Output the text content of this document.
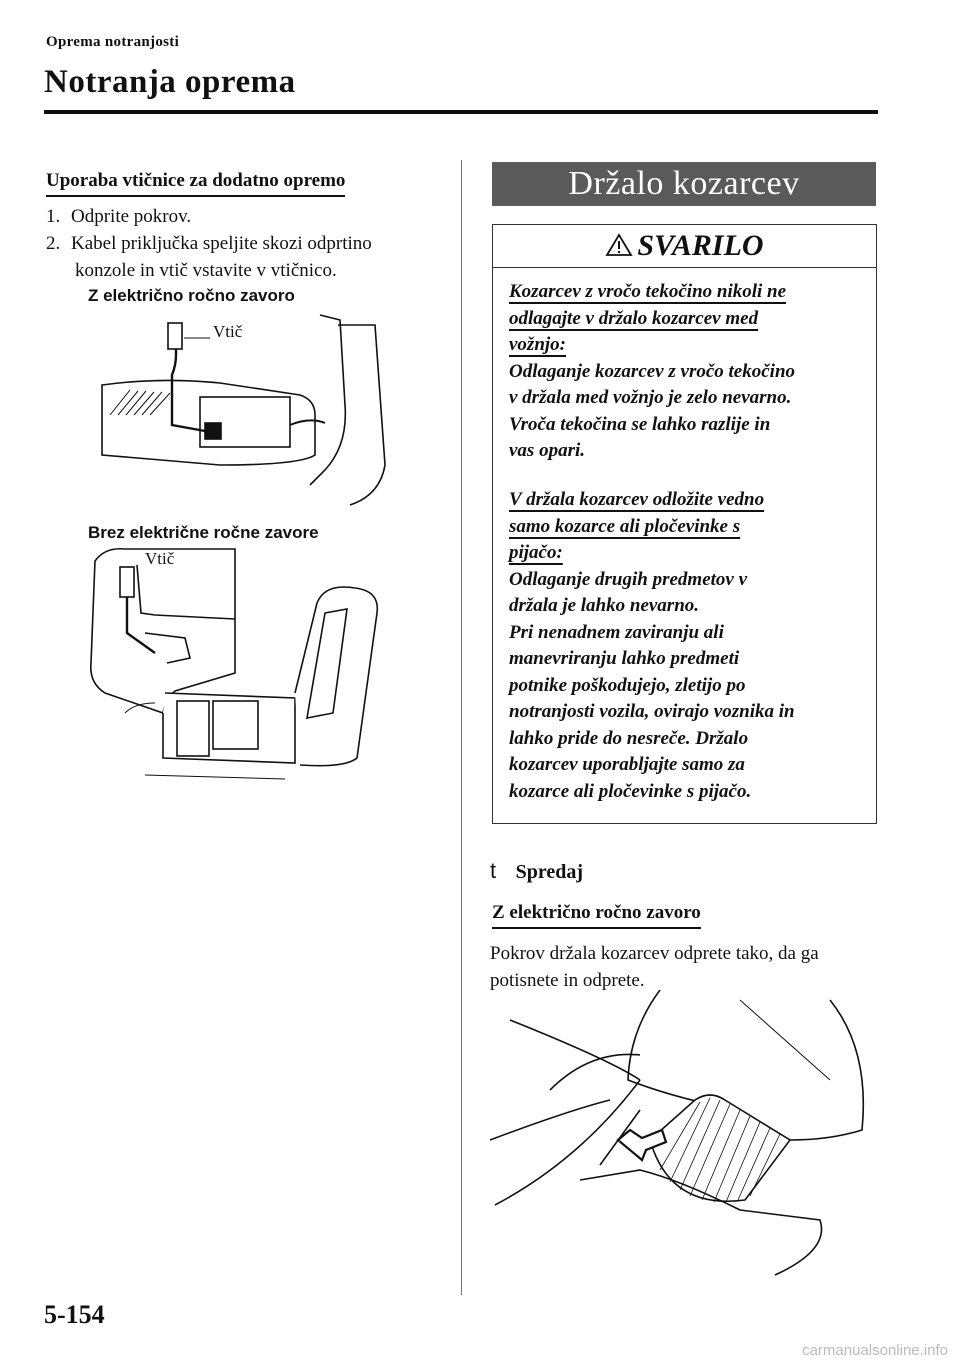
Oprema notranjosti
Notranja oprema
Uporaba vtičnice za dodatno opremo
1. Odprite pokrov.
2. Kabel priključka speljite skozi odprtino
konzole in vtič vstavite v vtičnico.
Z električno ročno zavoro
Vtič
Brez električne ročne zavore
Vtič
Držalo kozarcev
SVARILO
Kozarcev z vročo tekočino nikoli ne
odlagajte v držalo kozarcev med
vožnjo:
Odlaganje kozarcev z vročo tekočino
v držala med vožnjo je zelo nevarno.
Vroča tekočina se lahko razlije in
vas opari.
V držala kozarcev odložite vedno
samo kozarce ali pločevinke s
pijačo:
Odlaganje drugih predmetov v
držala je lahko nevarno.
Pri nenadnem zaviranju ali
manevriranju lahko predmeti
potnike poškodujejo, zletijo po
notranjosti vozila, ovirajo voznika in
lahko pride do nesreče. Držalo
kozarcev uporabljajte samo za
kozarce ali pločevinke s pijačo.
t Spredaj
Z električno ročno zavoro
Pokrov držala kozarcev odprete tako, da ga
potisnete in odprete.
5-154
carmanualsonline.info
